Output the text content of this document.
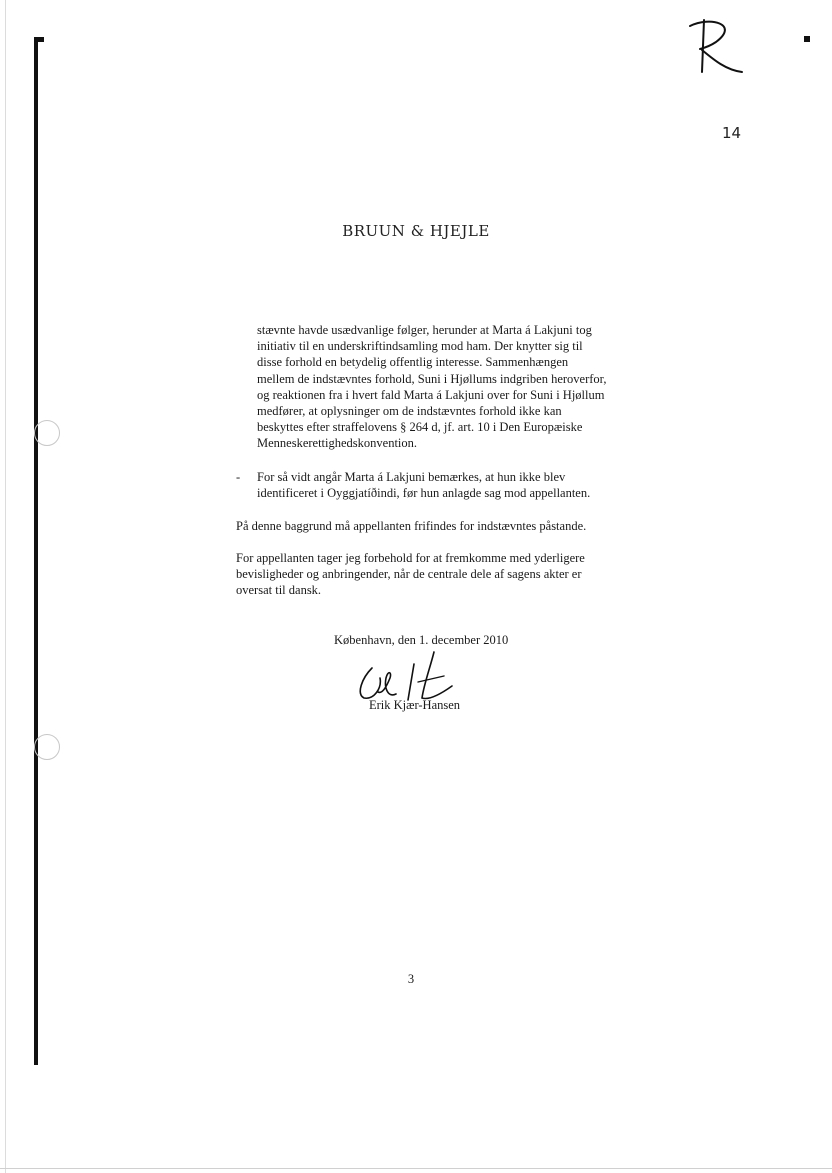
14
BRUUN & HJEJLE
stævnte havde usædvanlige følger, herunder at Marta á Lakjuni tog initiativ til en underskriftindsamling mod ham. Der knytter sig til disse forhold en betydelig offentlig interesse. Sammenhængen mellem de indstævntes forhold, Suni i Hjøllums indgriben heroverfor, og reaktionen fra i hvert fald Marta á Lakjuni over for Suni i Hjøllum medfører, at oplysninger om de indstævntes forhold ikke kan beskyttes efter straffelovens § 264 d, jf. art. 10 i Den Europæiske Menneskerettighedskonvention.
- For så vidt angår Marta á Lakjuni bemærkes, at hun ikke blev identificeret i Oyggjatíðindi, før hun anlagde sag mod appellanten.
På denne baggrund må appellanten frifindes for indstævntes påstande.
For appellanten tager jeg forbehold for at fremkomme med yderligere bevisligheder og anbringender, når de centrale dele af sagens akter er oversat til dansk.
København, den 1. december 2010
Erik Kjær-Hansen
3
